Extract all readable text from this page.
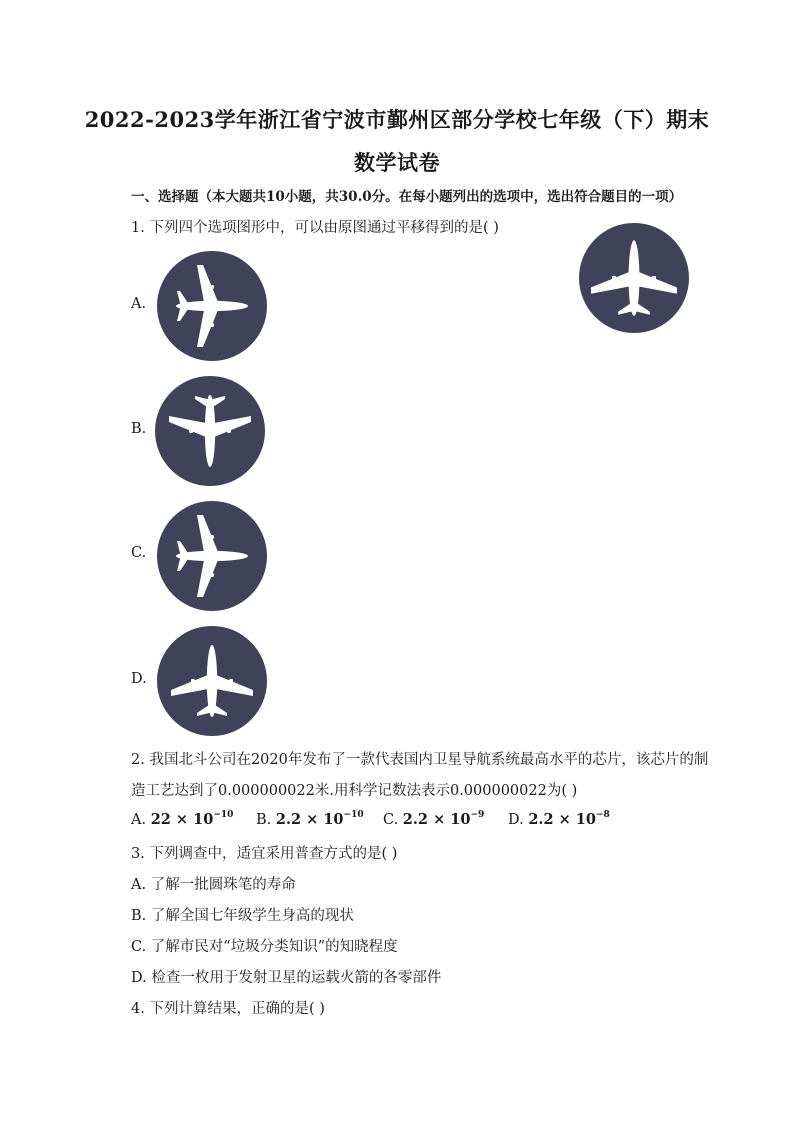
2022-2023学年浙江省宁波市鄞州区部分学校七年级（下）期末
数学试卷
一、选择题（本大题共10小题，共30.0分。在每小题列出的选项中，选出符合题目的一项）
1. 下列四个选项图形中，可以由原图通过平移得到的是( )
A.
B.
C.
D.
2. 我国北斗公司在2020年发布了一款代表国内卫星导航系统最高水平的芯片，该芯片的制
造工艺达到了0.000000022米.用科学记数法表示0.000000022为( )
A. $22 \times 10^{-10}$ B. $2.2 \times 10^{-10}$ C. $2.2 \times 10^{-9}$ D. $2.2 \times 10^{-8}$
3. 下列调查中，适宜采用普查方式的是( )
A. 了解一批圆珠笔的寿命
B. 了解全国七年级学生身高的现状
C. 了解市民对“垃圾分类知识”的知晓程度
D. 检查一枚用于发射卫星的运载火箭的各零部件
4. 下列计算结果，正确的是( )
